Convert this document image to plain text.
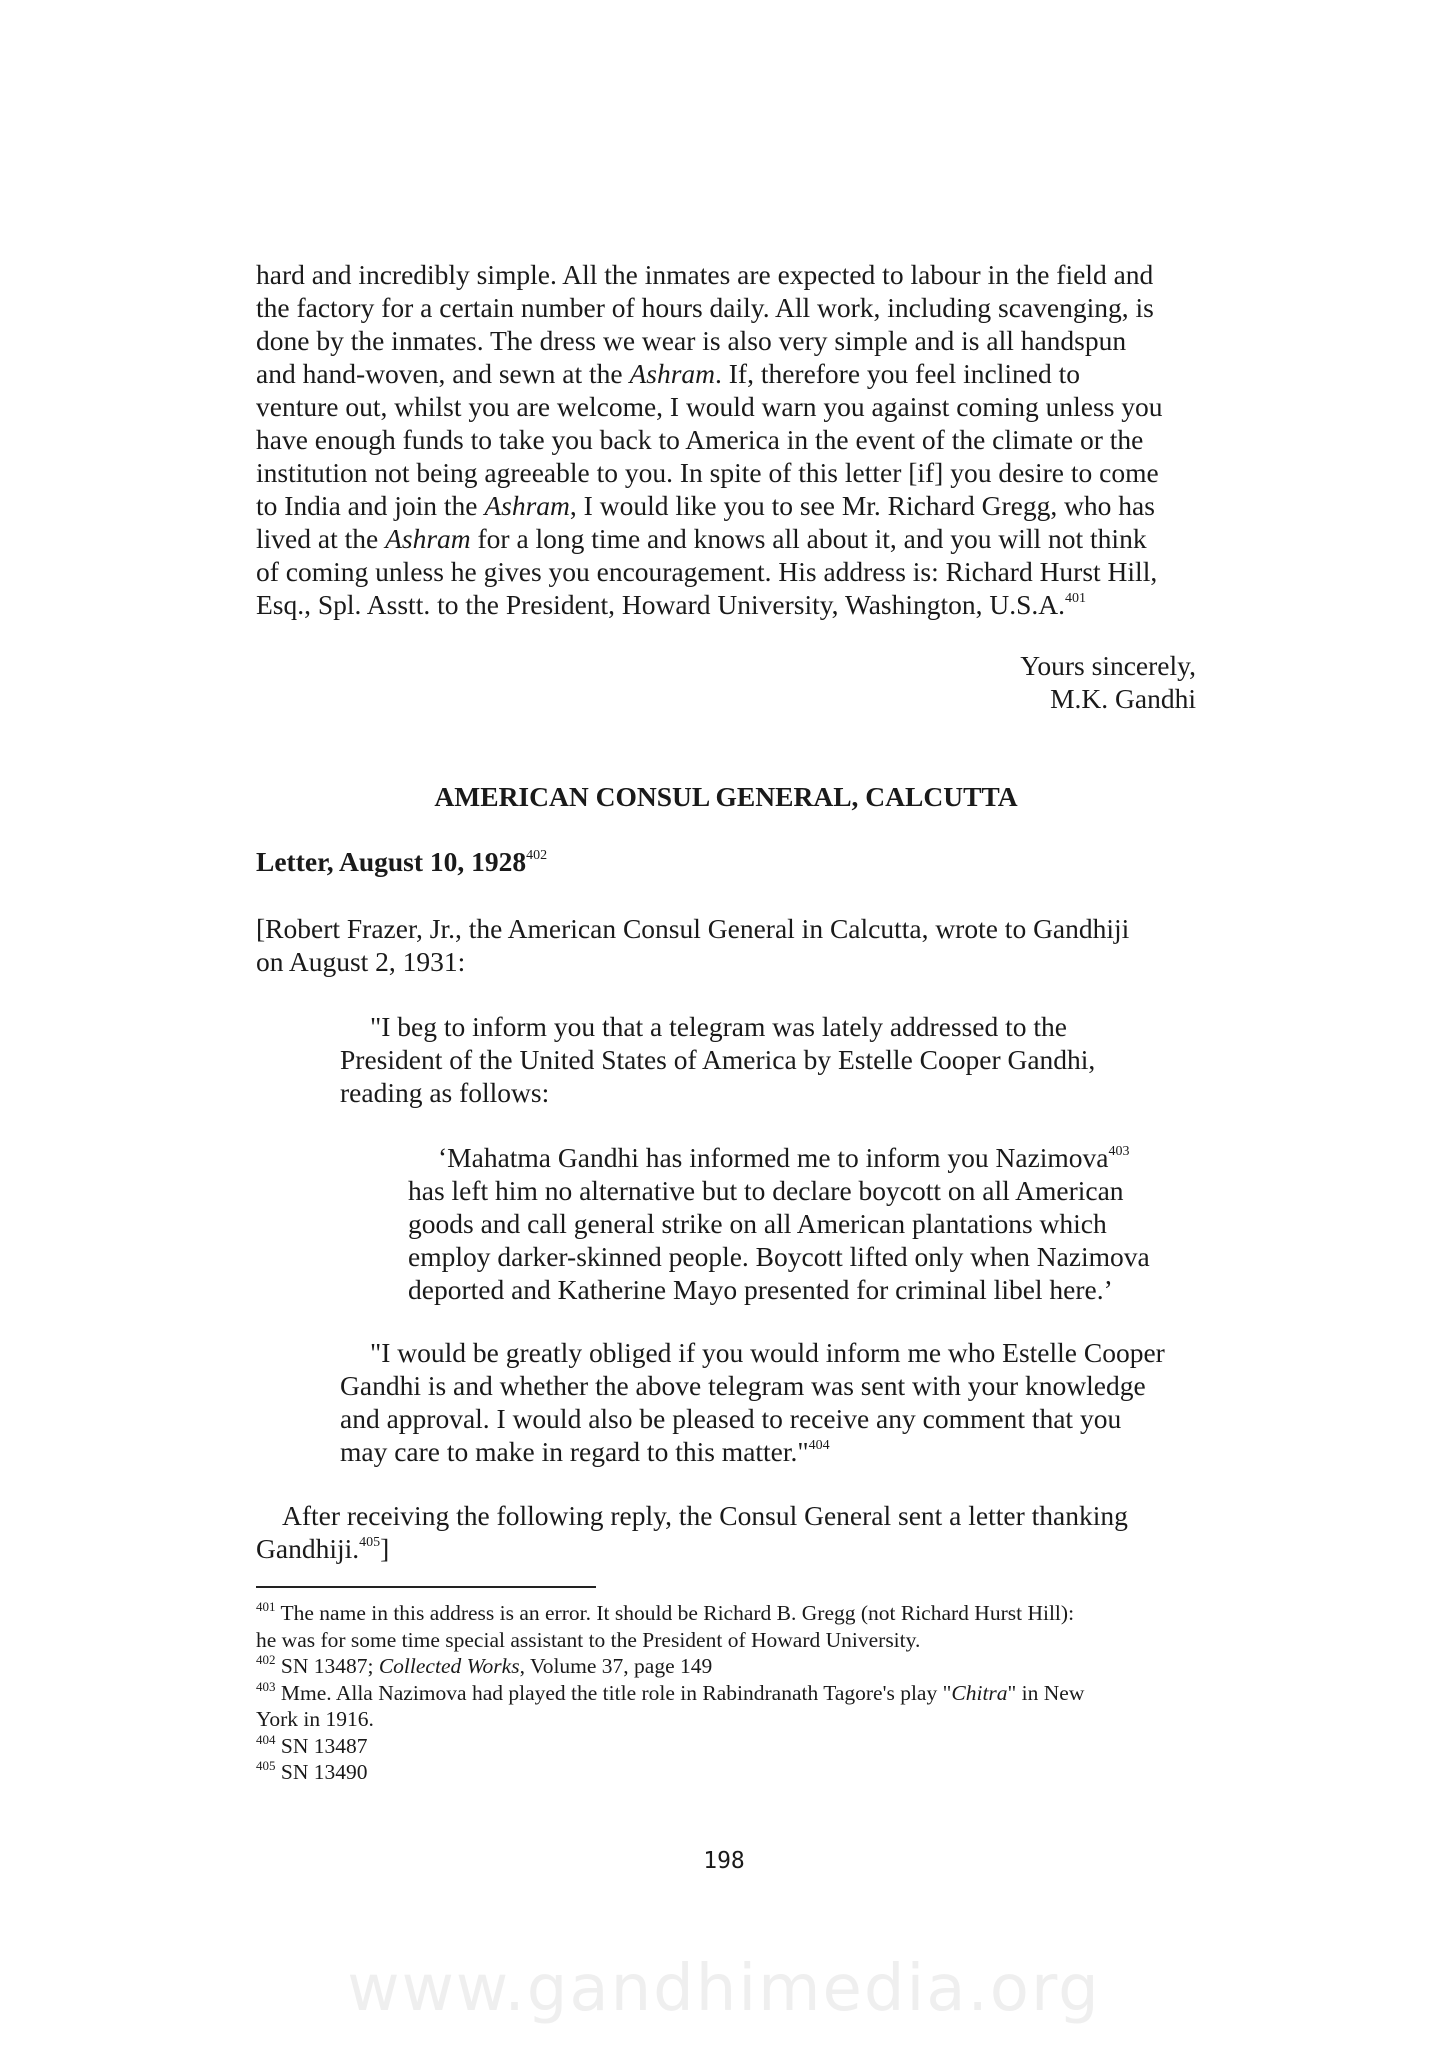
hard and incredibly simple. All the inmates are expected to labour in the field and
the factory for a certain number of hours daily. All work, including scavenging, is
done by the inmates. The dress we wear is also very simple and is all handspun
and hand-woven, and sewn at the Ashram. If, therefore you feel inclined to
venture out, whilst you are welcome, I would warn you against coming unless you
have enough funds to take you back to America in the event of the climate or the
institution not being agreeable to you. In spite of this letter [if] you desire to come
to India and join the Ashram, I would like you to see Mr. Richard Gregg, who has
lived at the Ashram for a long time and knows all about it, and you will not think
of coming unless he gives you encouragement. His address is: Richard Hurst Hill,
Esq., Spl. Asstt. to the President, Howard University, Washington, U.S.A.$^{401}$
Yours sincerely,
M.K. Gandhi
AMERICAN CONSUL GENERAL, CALCUTTA
Letter, August 10, 1928$^{402}$
[Robert Frazer, Jr., the American Consul General in Calcutta, wrote to Gandhiji
on August 2, 1931:
"I beg to inform you that a telegram was lately addressed to the
President of the United States of America by Estelle Cooper Gandhi,
reading as follows:
‘Mahatma Gandhi has informed me to inform you Nazimova$^{403}$
has left him no alternative but to declare boycott on all American
goods and call general strike on all American plantations which
employ darker-skinned people. Boycott lifted only when Nazimova
deported and Katherine Mayo presented for criminal libel here.’
"I would be greatly obliged if you would inform me who Estelle Cooper
Gandhi is and whether the above telegram was sent with your knowledge
and approval. I would also be pleased to receive any comment that you
may care to make in regard to this matter."$^{404}$
After receiving the following reply, the Consul General sent a letter thanking
Gandhiji.$^{405}$]
$^{401}$ The name in this address is an error. It should be Richard B. Gregg (not Richard Hurst Hill):
he was for some time special assistant to the President of Howard University.
$^{402}$ SN 13487; Collected Works, Volume 37, page 149
$^{403}$ Mme. Alla Nazimova had played the title role in Rabindranath Tagore's play "Chitra" in New
York in 1916.
$^{404}$ SN 13487
$^{405}$ SN 13490
198
www.gandhimedia.org
